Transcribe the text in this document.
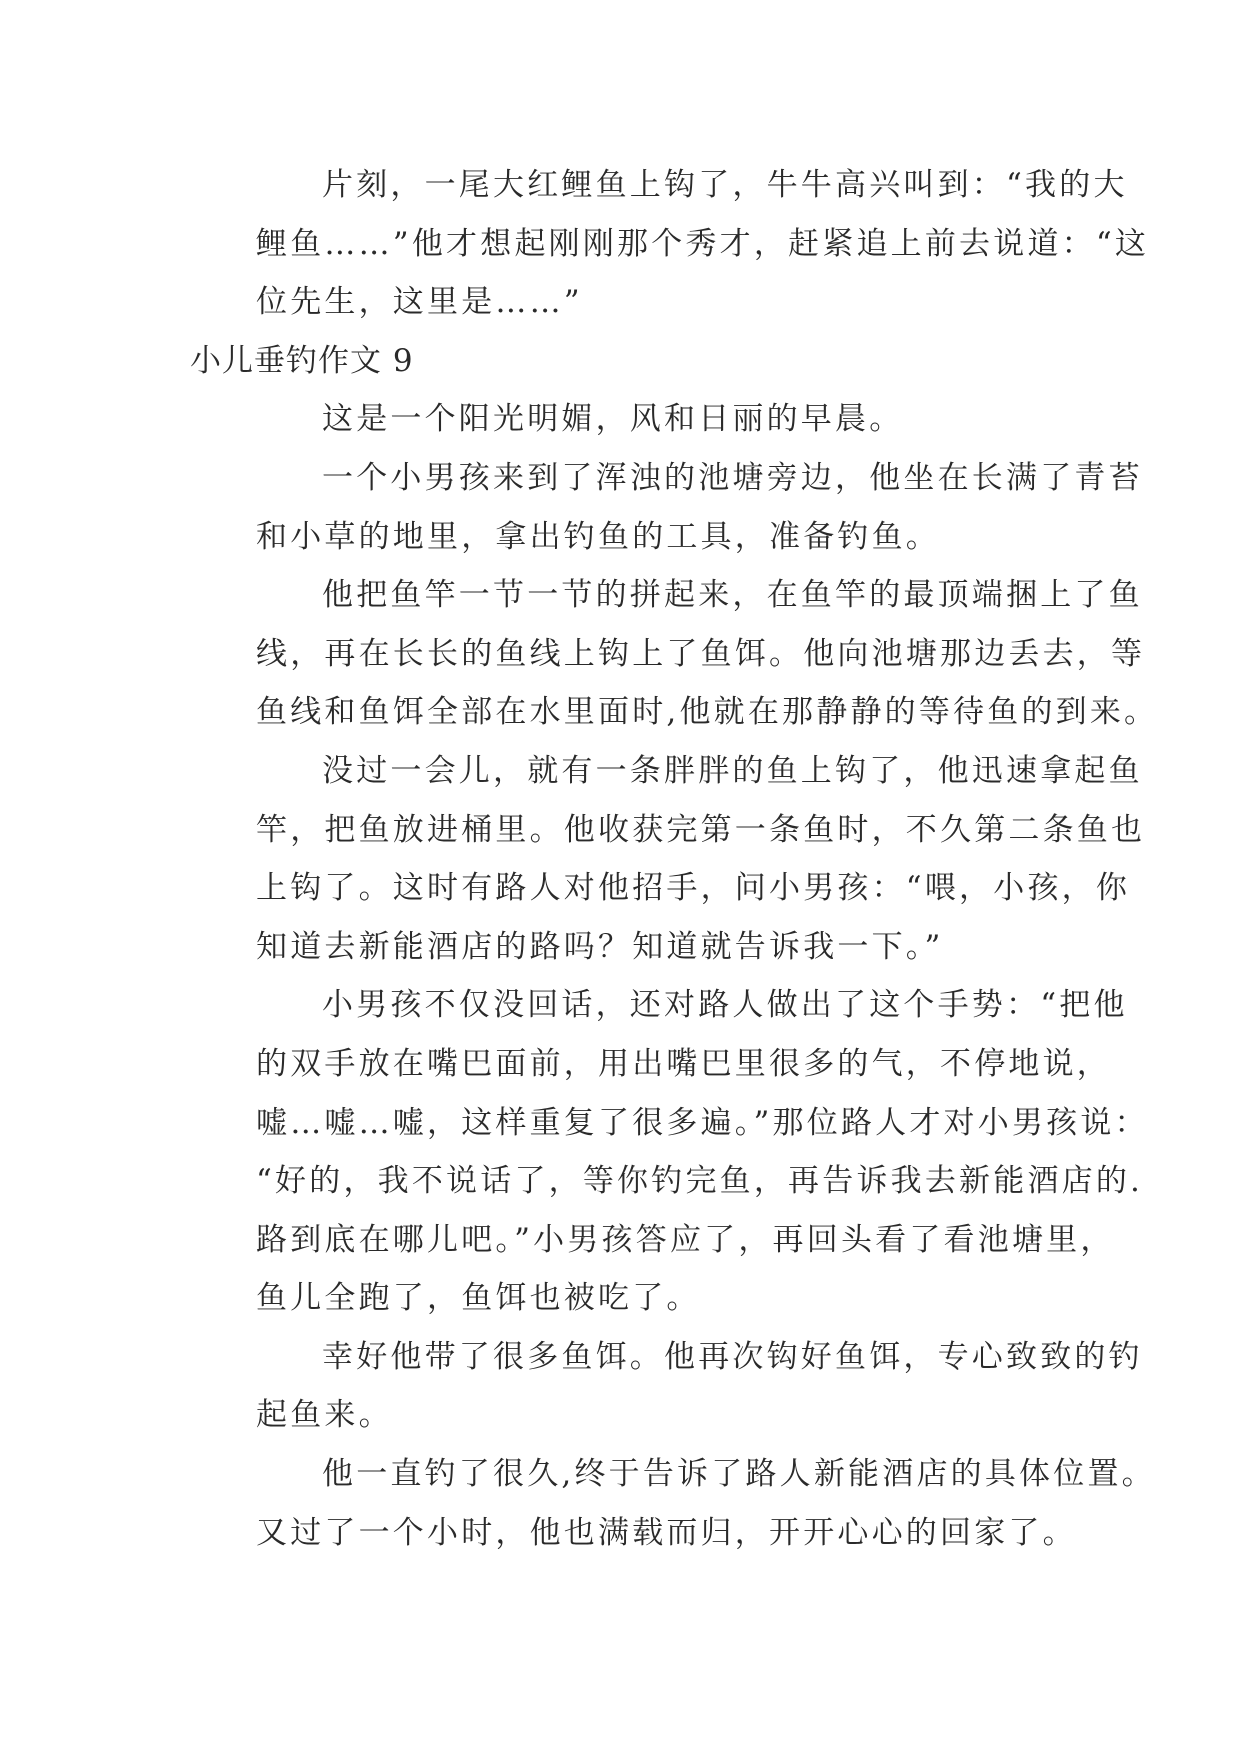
片刻，一尾大红鲤鱼上钩了，牛牛高兴叫到：“我的大
鲤鱼……”他才想起刚刚那个秀才，赶紧追上前去说道：“这
位先生，这里是……”
小儿垂钓作文 9
这是一个阳光明媚，风和日丽的早晨。
一个小男孩来到了浑浊的池塘旁边，他坐在长满了青苔
和小草的地里，拿出钓鱼的工具，准备钓鱼。
他把鱼竿一节一节的拼起来，在鱼竿的最顶端捆上了鱼
线，再在长长的鱼线上钩上了鱼饵。他向池塘那边丢去，等
鱼线和鱼饵全部在水里面时,他就在那静静的等待鱼的到来。
没过一会儿，就有一条胖胖的鱼上钩了，他迅速拿起鱼
竿，把鱼放进桶里。他收获完第一条鱼时，不久第二条鱼也
上钩了。这时有路人对他招手，问小男孩：“喂，小孩，你
知道去新能酒店的路吗？知道就告诉我一下。”
小男孩不仅没回话，还对路人做出了这个手势：“把他
的双手放在嘴巴面前，用出嘴巴里很多的气，不停地说，
嘘…嘘…嘘，这样重复了很多遍。”那位路人才对小男孩说：
“好的，我不说话了，等你钓完鱼，再告诉我去新能酒店的.
路到底在哪儿吧。”小男孩答应了，再回头看了看池塘里，
鱼儿全跑了，鱼饵也被吃了。
幸好他带了很多鱼饵。他再次钩好鱼饵，专心致致的钓
起鱼来。
他一直钓了很久,终于告诉了路人新能酒店的具体位置。
又过了一个小时，他也满载而归，开开心心的回家了。
